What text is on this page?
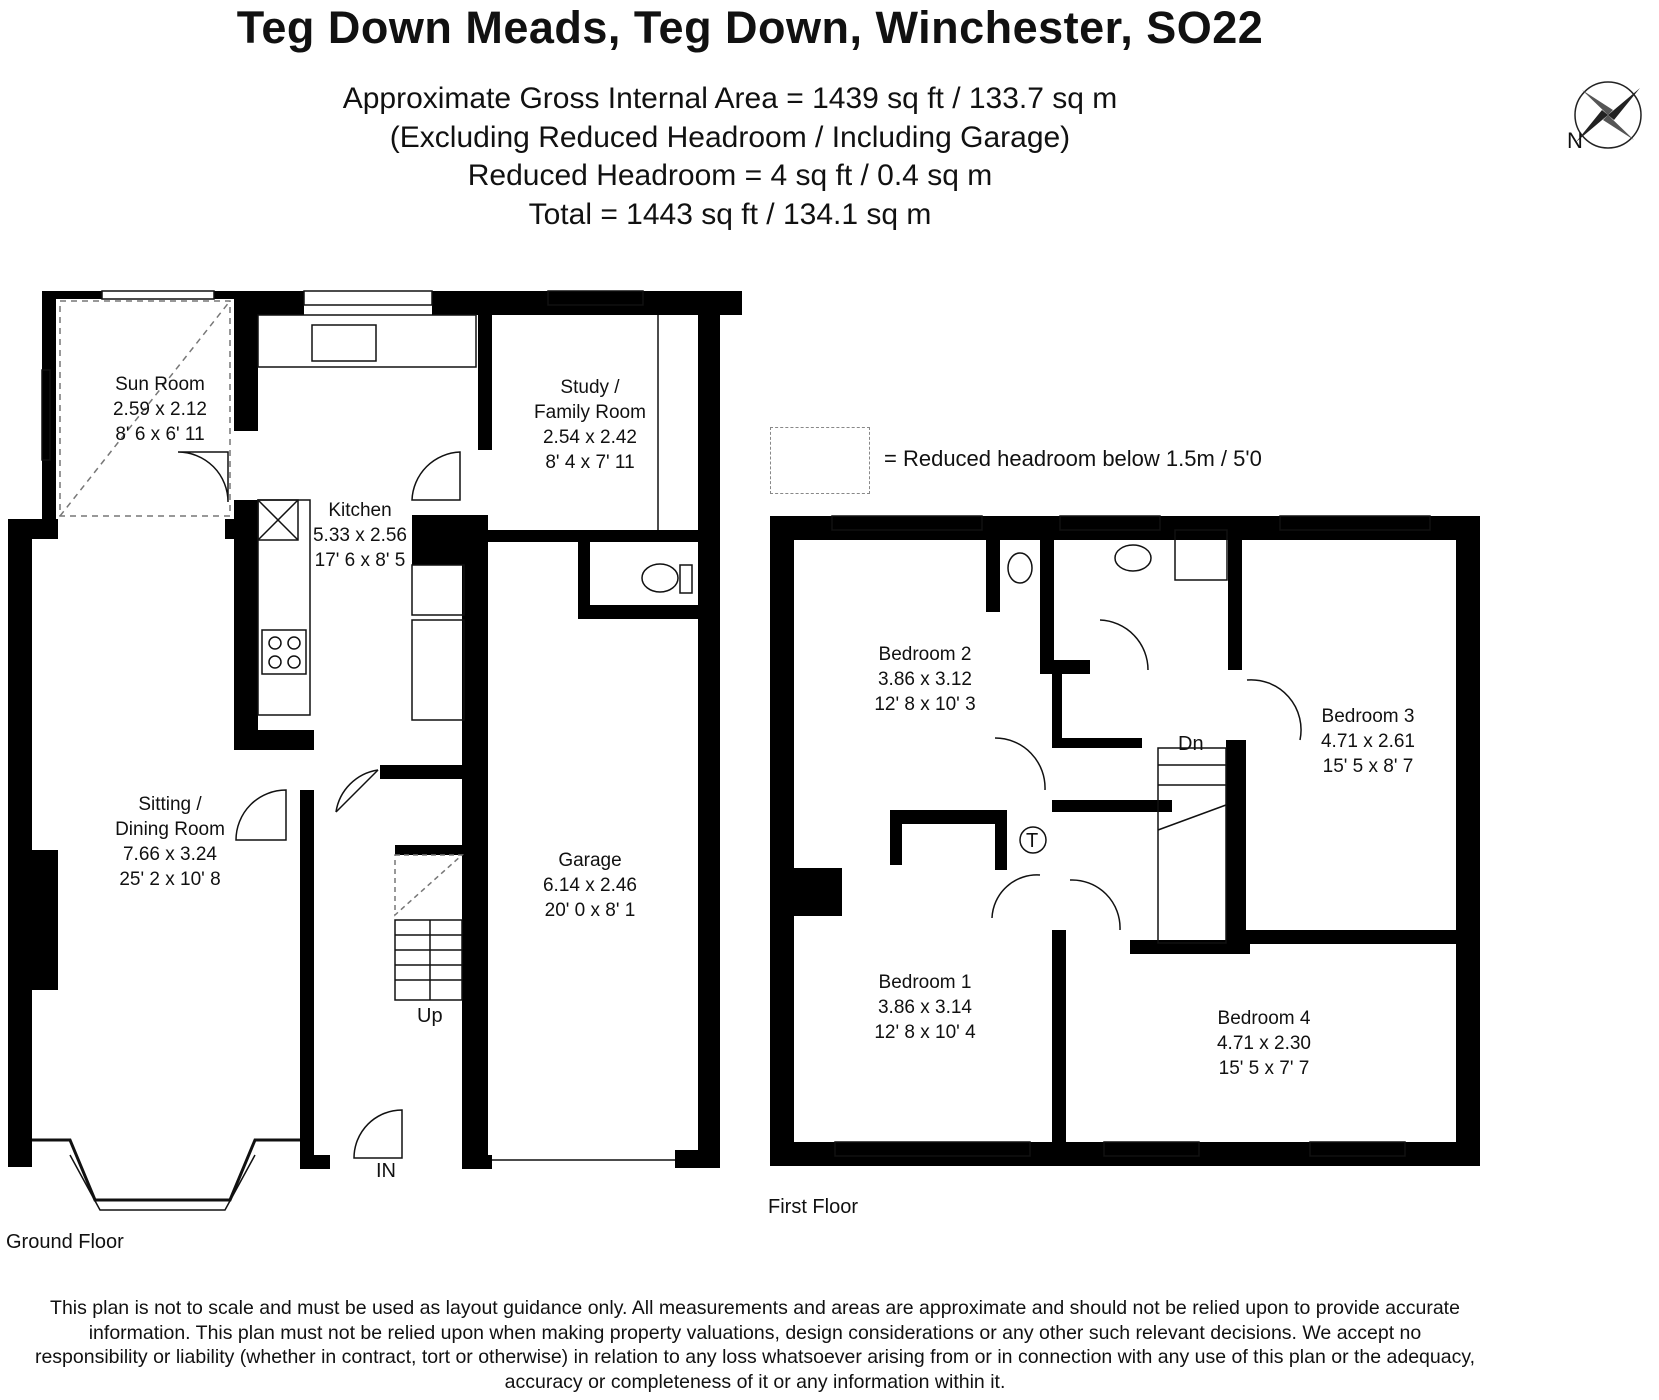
Teg Down Meads, Teg Down, Winchester, SO22
Approximate Gross Internal Area = 1439 sq ft / 133.7 sq m
(Excluding Reduced Headroom / Including Garage)
Reduced Headroom = 4 sq ft / 0.4 sq m
Total = 1443 sq ft / 134.1 sq m
N
= Reduced headroom below 1.5m / 5'0
Sun Room
2.59 x 2.12
8' 6 x 6' 11
Kitchen
5.33 x 2.56
17' 6 x 8' 5
Study /
Family Room
2.54 x 2.42
8' 4 x 7' 11
Sitting /
Dining Room
7.66 x 3.24
25' 2 x 10' 8
Garage
6.14 x 2.46
20' 0 x 8' 1
Up
IN
Ground Floor
Bedroom 2
3.86 x 3.12
12' 8 x 10' 3
Bedroom 3
4.71 x 2.61
15' 5 x 8' 7
Bedroom 1
3.86 x 3.14
12' 8 x 10' 4
Bedroom 4
4.71 x 2.30
15' 5 x 7' 7
Dn
T
First Floor
This plan is not to scale and must be used as layout guidance only. All measurements and areas are approximate and should not be relied upon to provide accurate information. This plan must not be relied upon when making property valuations, design considerations or any other such relevant decisions. We accept no responsibility or liability (whether in contract, tort or otherwise) in relation to any loss whatsoever arising from or in connection with any use of this plan or the adequacy, accuracy or completeness of it or any information within it.
